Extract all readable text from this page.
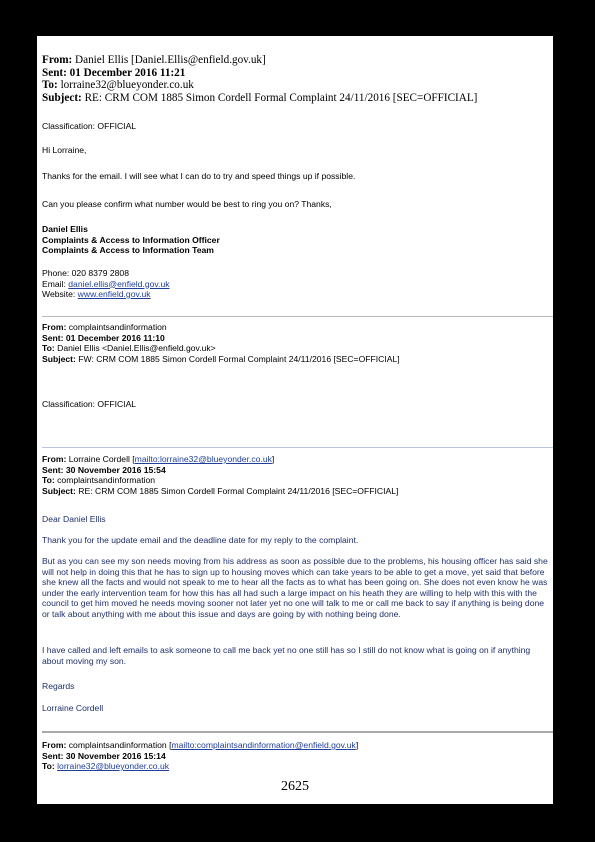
From: Daniel Ellis [Daniel.Ellis@enfield.gov.uk]
Sent: 01 December 2016 11:21
To: lorraine32@blueyonder.co.uk
Subject: RE: CRM COM 1885 Simon Cordell Formal Complaint 24/11/2016 [SEC=OFFICIAL]
Classification: OFFICIAL
Hi Lorraine,
Thanks for the email. I will see what I can do to try and speed things up if possible.
Can you please confirm what number would be best to ring you on? Thanks,
Daniel Ellis
Complaints & Access to Information Officer
Complaints & Access to Information Team
Phone: 020 8379 2808
Email: daniel.ellis@enfield.gov.uk
Website: www.enfield.gov.uk
From: complaintsandinformation
Sent: 01 December 2016 11:10
To: Daniel Ellis <Daniel.Ellis@enfield.gov.uk>
Subject: FW: CRM COM 1885 Simon Cordell Formal Complaint 24/11/2016 [SEC=OFFICIAL]
Classification: OFFICIAL
From: Lorraine Cordell [mailto:lorraine32@blueyonder.co.uk]
Sent: 30 November 2016 15:54
To: complaintsandinformation
Subject: RE: CRM COM 1885 Simon Cordell Formal Complaint 24/11/2016 [SEC=OFFICIAL]
Dear Daniel Ellis
Thank you for the update email and the deadline date for my reply to the complaint.
But as you can see my son needs moving from his address as soon as possible due to the problems, his housing officer has said she will not help in doing this that he has to sign up to housing moves which can take years to be able to get a move, yet said that before she knew all the facts and would not speak to me to hear all the facts as to what has been going on. She does not even know he was under the early intervention team for how this has all had such a large impact on his heath they are willing to help with this with the council to get him moved he needs moving sooner not later yet no one will talk to me or call me back to say if anything is being done or talk about anything with me about this issue and days are going by with nothing being done.
I have called and left emails to ask someone to call me back yet no one still has so I still do not know what is going on if anything about moving my son.
Regards
Lorraine Cordell
From: complaintsandinformation [mailto:complaintsandinformation@enfield.gov.uk]
Sent: 30 November 2016 15:14
To: lorraine32@blueyonder.co.uk
2625
